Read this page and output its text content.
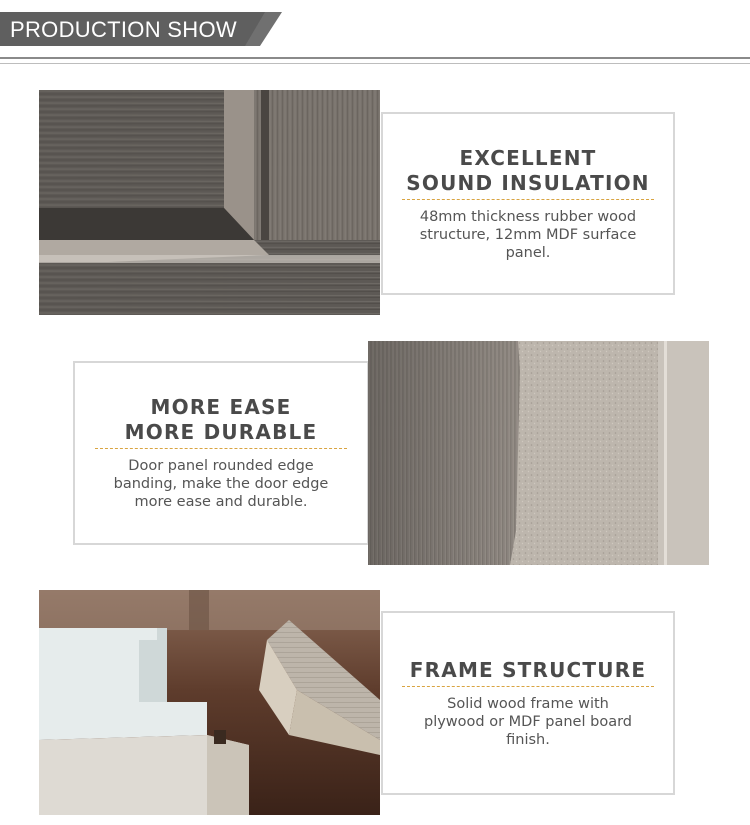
PRODUCTION SHOW
EXCELLENT
SOUND INSULATION
48mm thickness rubber wood
structure, 12mm MDF surface
panel.
MORE EASE
MORE DURABLE
Door panel rounded edge
banding, make the door edge
more ease and durable.
FRAME STRUCTURE
Solid wood frame with
plywood or MDF panel board
finish.
